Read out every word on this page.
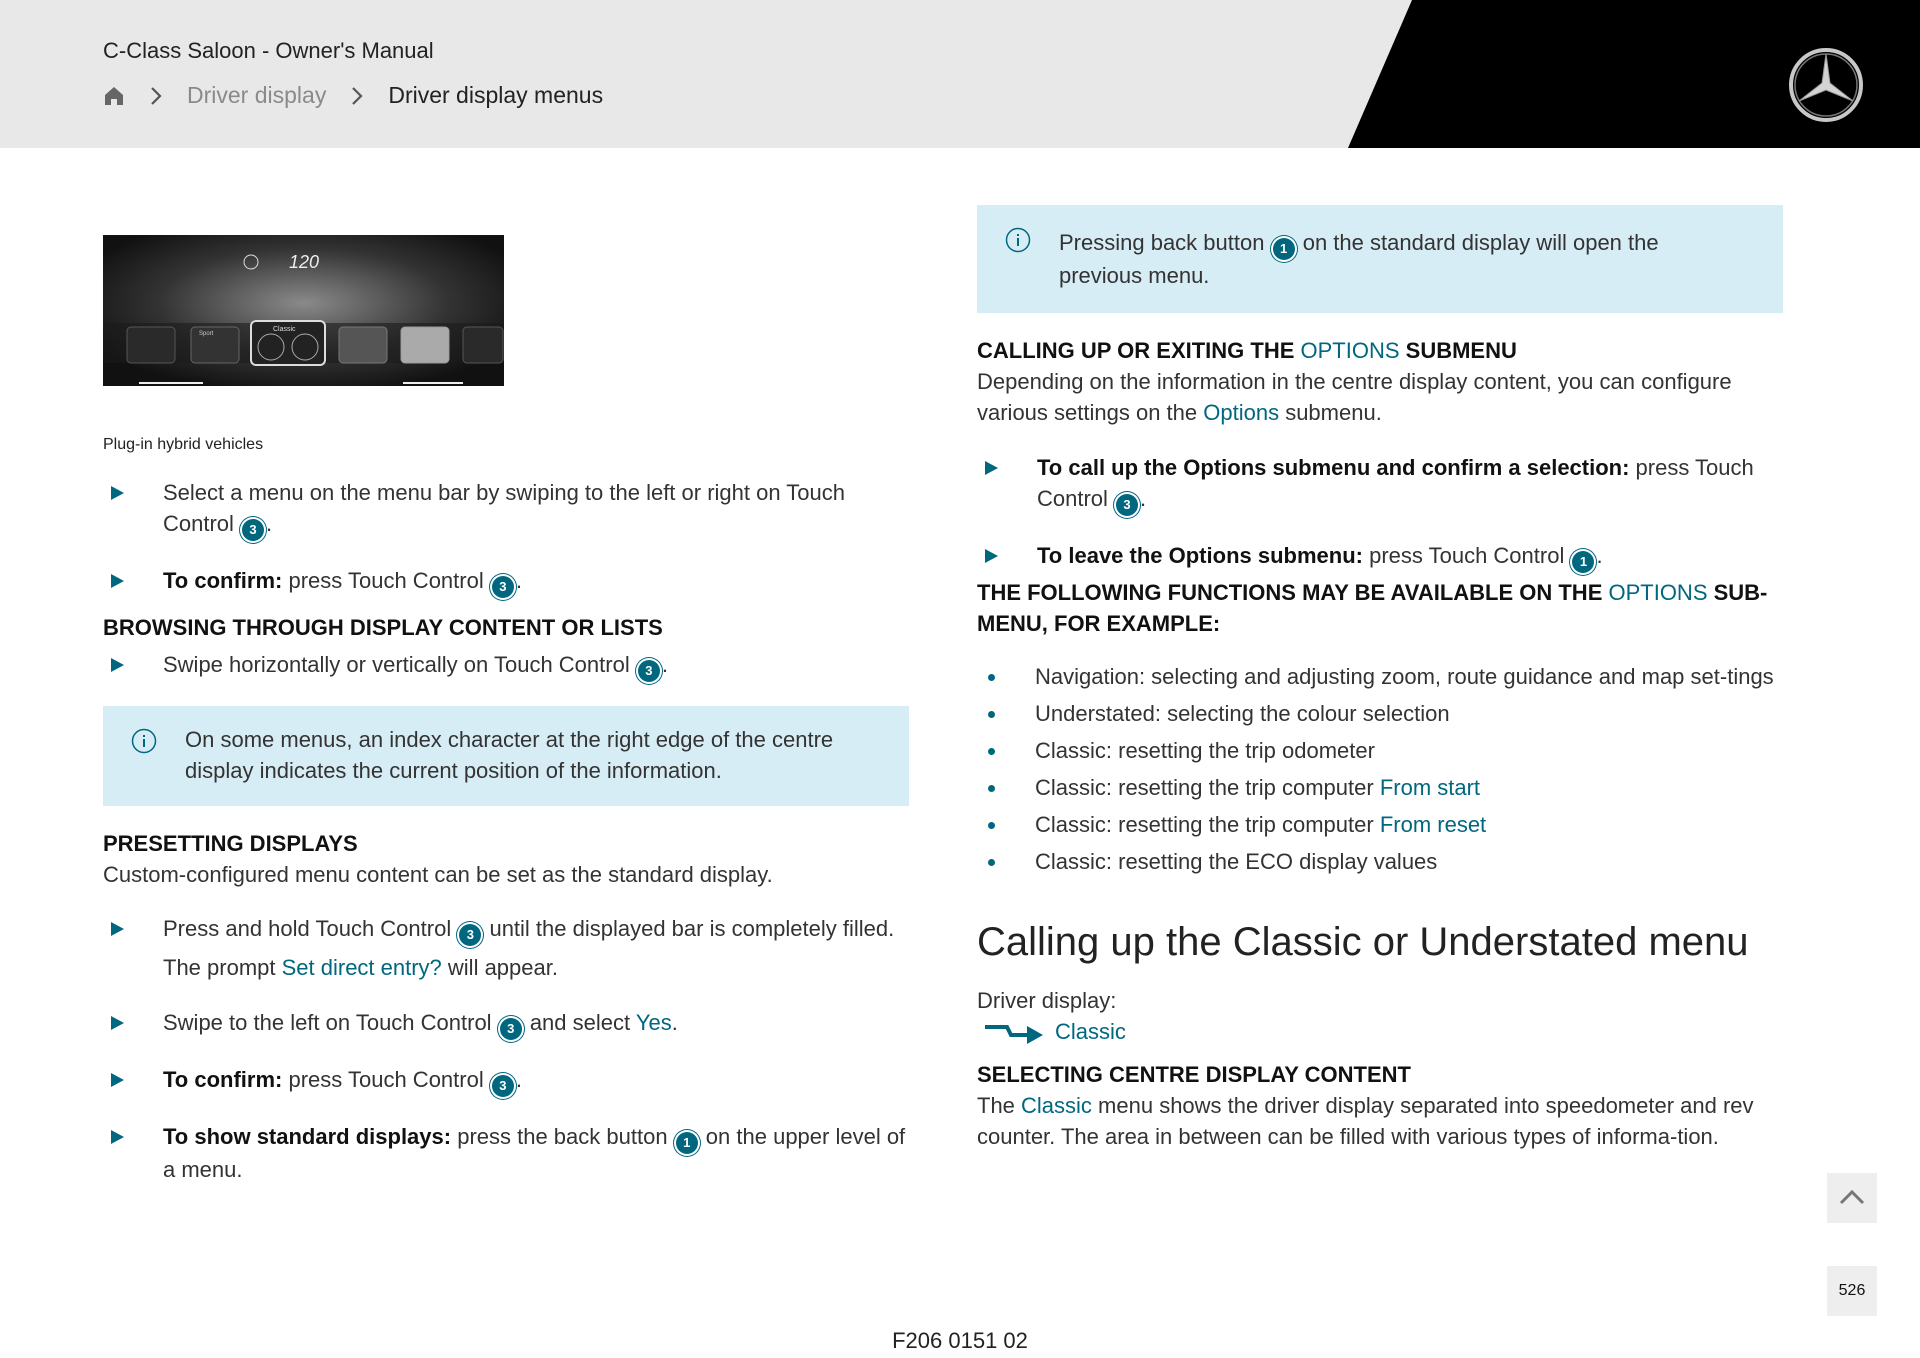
C-Class Saloon - Owner's Manual
Driver display	Driver display menus
120
Sport
Classic
Plug-in hybrid vehicles
Select a menu on the menu bar by swiping to the left or right on Touch Control 3 .
To confirm: press Touch Control 3 .
BROWSING THROUGH DISPLAY CONTENT OR LISTS
Swipe horizontally or vertically on Touch Control 3 .
On some menus, an index character at the right edge of the centre display indicates the current position of the information.
PRESETTING DISPLAYS
Custom-configured menu content can be set as the standard display.
Press and hold Touch Control 3 until the displayed bar is completely filled.
The prompt Set direct entry? will appear.
Swipe to the left on Touch Control 3 and select Yes.
To confirm: press Touch Control 3 .
To show standard displays: press the back button 1 on the upper level of a menu.
Pressing back button 1 on the standard display will open the previous menu.
CALLING UP OR EXITING THE OPTIONS SUBMENU
Depending on the information in the centre display content, you can configure various settings on the Options submenu.
To call up the Options submenu and confirm a selection: press Touch Control 3 .
To leave the Options submenu: press Touch Control 1 .
THE FOLLOWING FUNCTIONS MAY BE AVAILABLE ON THE OPTIONS SUB-MENU, FOR EXAMPLE:
Navigation: selecting and adjusting zoom, route guidance and map set-tings
Understated: selecting the colour selection
Classic: resetting the trip odometer
Classic: resetting the trip computer From start
Classic: resetting the trip computer From reset
Classic: resetting the ECO display values
Calling up the Classic or Understated menu
Driver display:
Classic
SELECTING CENTRE DISPLAY CONTENT
The Classic menu shows the driver display separated into speedometer and rev counter. The area in between can be filled with various types of informa-tion.
526
F206 0151 02
